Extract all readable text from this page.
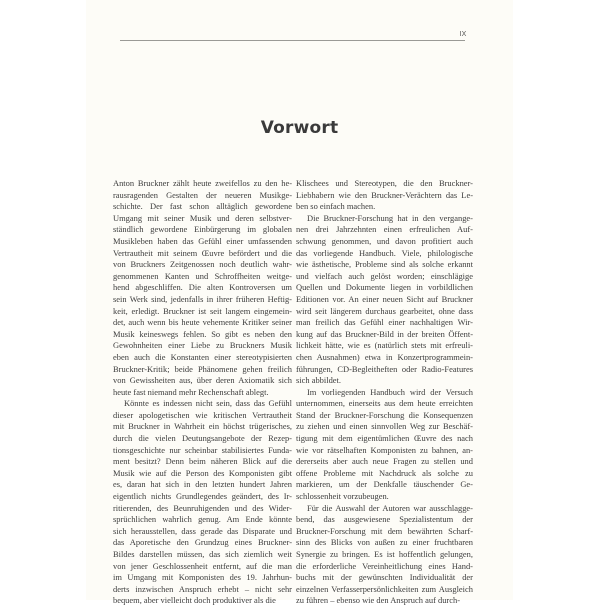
IX
Vorwort

Anton Bruckner zählt heute zweifellos zu den he-
rausragenden Gestalten der neueren Musikge-
schichte. Der fast schon alltäglich gewordene
Umgang mit seiner Musik und deren selbstver-
ständlich gewordene Einbürgerung im globalen
Musikleben haben das Gefühl einer umfassenden
Vertrautheit mit seinem Œuvre befördert und die
von Bruckners Zeitgenossen noch deutlich wahr-
genommenen Kanten und Schroffheiten weitge-
hend abgeschliffen. Die alten Kontroversen um
sein Werk sind, jedenfalls in ihrer früheren Heftig-
keit, erledigt. Bruckner ist seit langem eingemein-
det, auch wenn bis heute vehemente Kritiker seiner
Musik keineswegs fehlen. So gibt es neben den
Gewohnheiten einer Liebe zu Bruckners Musik
eben auch die Konstanten einer stereotypisierten
Bruckner-Kritik; beide Phänomene gehen freilich
von Gewissheiten aus, über deren Axiomatik sich
heute fast niemand mehr Rechenschaft ablegt.

Könnte es indessen nicht sein, dass das Gefühl
dieser apologetischen wie kritischen Vertrautheit
mit Bruckner in Wahrheit ein höchst trügerisches,
durch die vielen Deutungsangebote der Rezep-
tionsgeschichte nur scheinbar stabilisiertes Funda-
ment besitzt? Denn beim näheren Blick auf die
Musik wie auf die Person des Komponisten gibt
es, daran hat sich in den letzten hundert Jahren
eigentlich nichts Grundlegendes geändert, des Ir-
ritierenden, des Beunruhigenden und des Wider-
sprüchlichen wahrlich genug. Am Ende könnte
sich herausstellen, dass gerade das Disparate und
das Aporetische den Grundzug eines Bruckner-
Bildes darstellen müssen, das sich ziemlich weit
von jener Geschlossenheit entfernt, auf die man
im Umgang mit Komponisten des 19. Jahrhun-
derts inzwischen Anspruch erhebt – nicht sehr
bequem, aber vielleicht doch produktiver als die

Klischees und Stereotypen, die den Bruckner-
Liebhabern wie den Bruckner-Verächtern das Le-
ben so einfach machen.

Die Bruckner-Forschung hat in den vergange-
nen drei Jahrzehnten einen erfreulichen Auf-
schwung genommen, und davon profitiert auch
das vorliegende Handbuch. Viele, philologische
wie ästhetische, Probleme sind als solche erkannt
und vielfach auch gelöst worden; einschlägige
Quellen und Dokumente liegen in vorbildlichen
Editionen vor. An einer neuen Sicht auf Bruckner
wird seit längerem durchaus gearbeitet, ohne dass
man freilich das Gefühl einer nachhaltigen Wir-
kung auf das Bruckner-Bild in der breiten Öffent-
lichkeit hätte, wie es (natürlich stets mit erfreuli-
chen Ausnahmen) etwa in Konzertprogrammein-
führungen, CD-Begleitheften oder Radio-Features
sich abbildet.

Im vorliegenden Handbuch wird der Versuch
unternommen, einerseits aus dem heute erreichten
Stand der Bruckner-Forschung die Konsequenzen
zu ziehen und einen sinnvollen Weg zur Beschäf-
tigung mit dem eigentümlichen Œuvre des nach
wie vor rätselhaften Komponisten zu bahnen, an-
dererseits aber auch neue Fragen zu stellen und
offene Probleme mit Nachdruck als solche zu
markieren, um der Denkfalle täuschender Ge-
schlossenheit vorzubeugen.

Für die Auswahl der Autoren war ausschlagge-
bend, das ausgewiesene Spezialistentum der
Bruckner-Forschung mit dem bewährten Scharf-
sinn des Blicks von außen zu einer fruchtbaren
Synergie zu bringen. Es ist hoffentlich gelungen,
die erforderliche Vereinheitlichung eines Hand-
buchs mit der gewünschten Individualität der
einzelnen Verfasserpersönlichkeiten zum Ausgleich
zu führen – ebenso wie den Anspruch auf durch-
